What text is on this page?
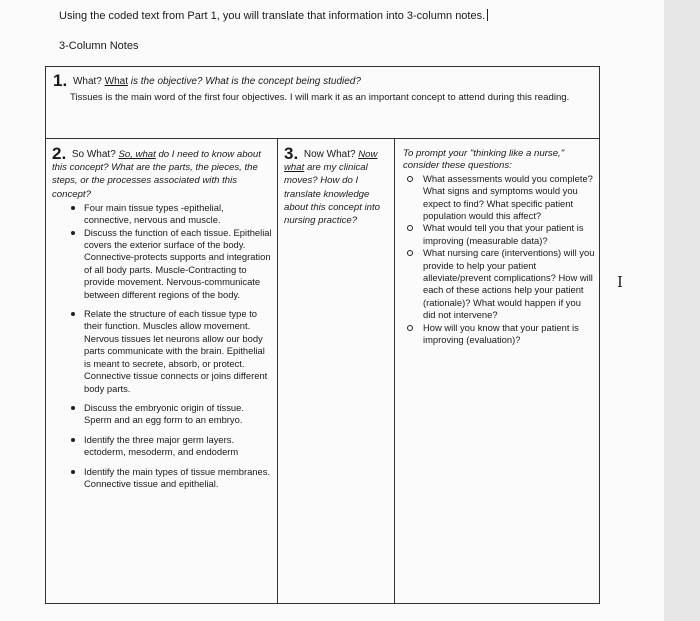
Using the coded text from Part 1, you will translate that information into 3-column notes.
3-Column Notes
1. What? What is the objective? What is the concept being studied?
Tissues is the main word of the first four objectives. I will mark it as an important concept to attend during this reading.
2. So What? So, what do I need to know about this concept? What are the parts, the pieces, the steps, or the processes associated with this concept?
Four main tissue types -epithelial, connective, nervous and muscle.
Discuss the function of each tissue. Epithelial covers the exterior surface of the body. Connective-protects supports and integration of all body parts. Muscle-Contracting to provide movement. Nervous-communicate between different regions of the body.
Relate the structure of each tissue type to their function. Muscles allow movement. Nervous tissues let neurons allow our body parts communicate with the brain. Epithelial is meant to secrete, absorb, or protect. Connective tissue connects or joins different body parts.
Discuss the embryonic origin of tissue. Sperm and an egg form to an embryo.
Identify the three major germ layers. ectoderm, mesoderm, and endoderm
Identify the main types of tissue membranes. Connective tissue and epithelial.
3. Now What? Now what are my clinical moves? How do I translate knowledge about this concept into nursing practice?
To prompt your "thinking like a nurse," consider these questions:
What assessments would you complete? What signs and symptoms would you expect to find? What specific patient population would this affect?
What would tell you that your patient is improving (measurable data)?
What nursing care (interventions) will you provide to help your patient alleviate/prevent complications? How will each of these actions help your patient (rationale)? What would happen if you did not intervene?
How will you know that your patient is improving (evaluation)?
I
